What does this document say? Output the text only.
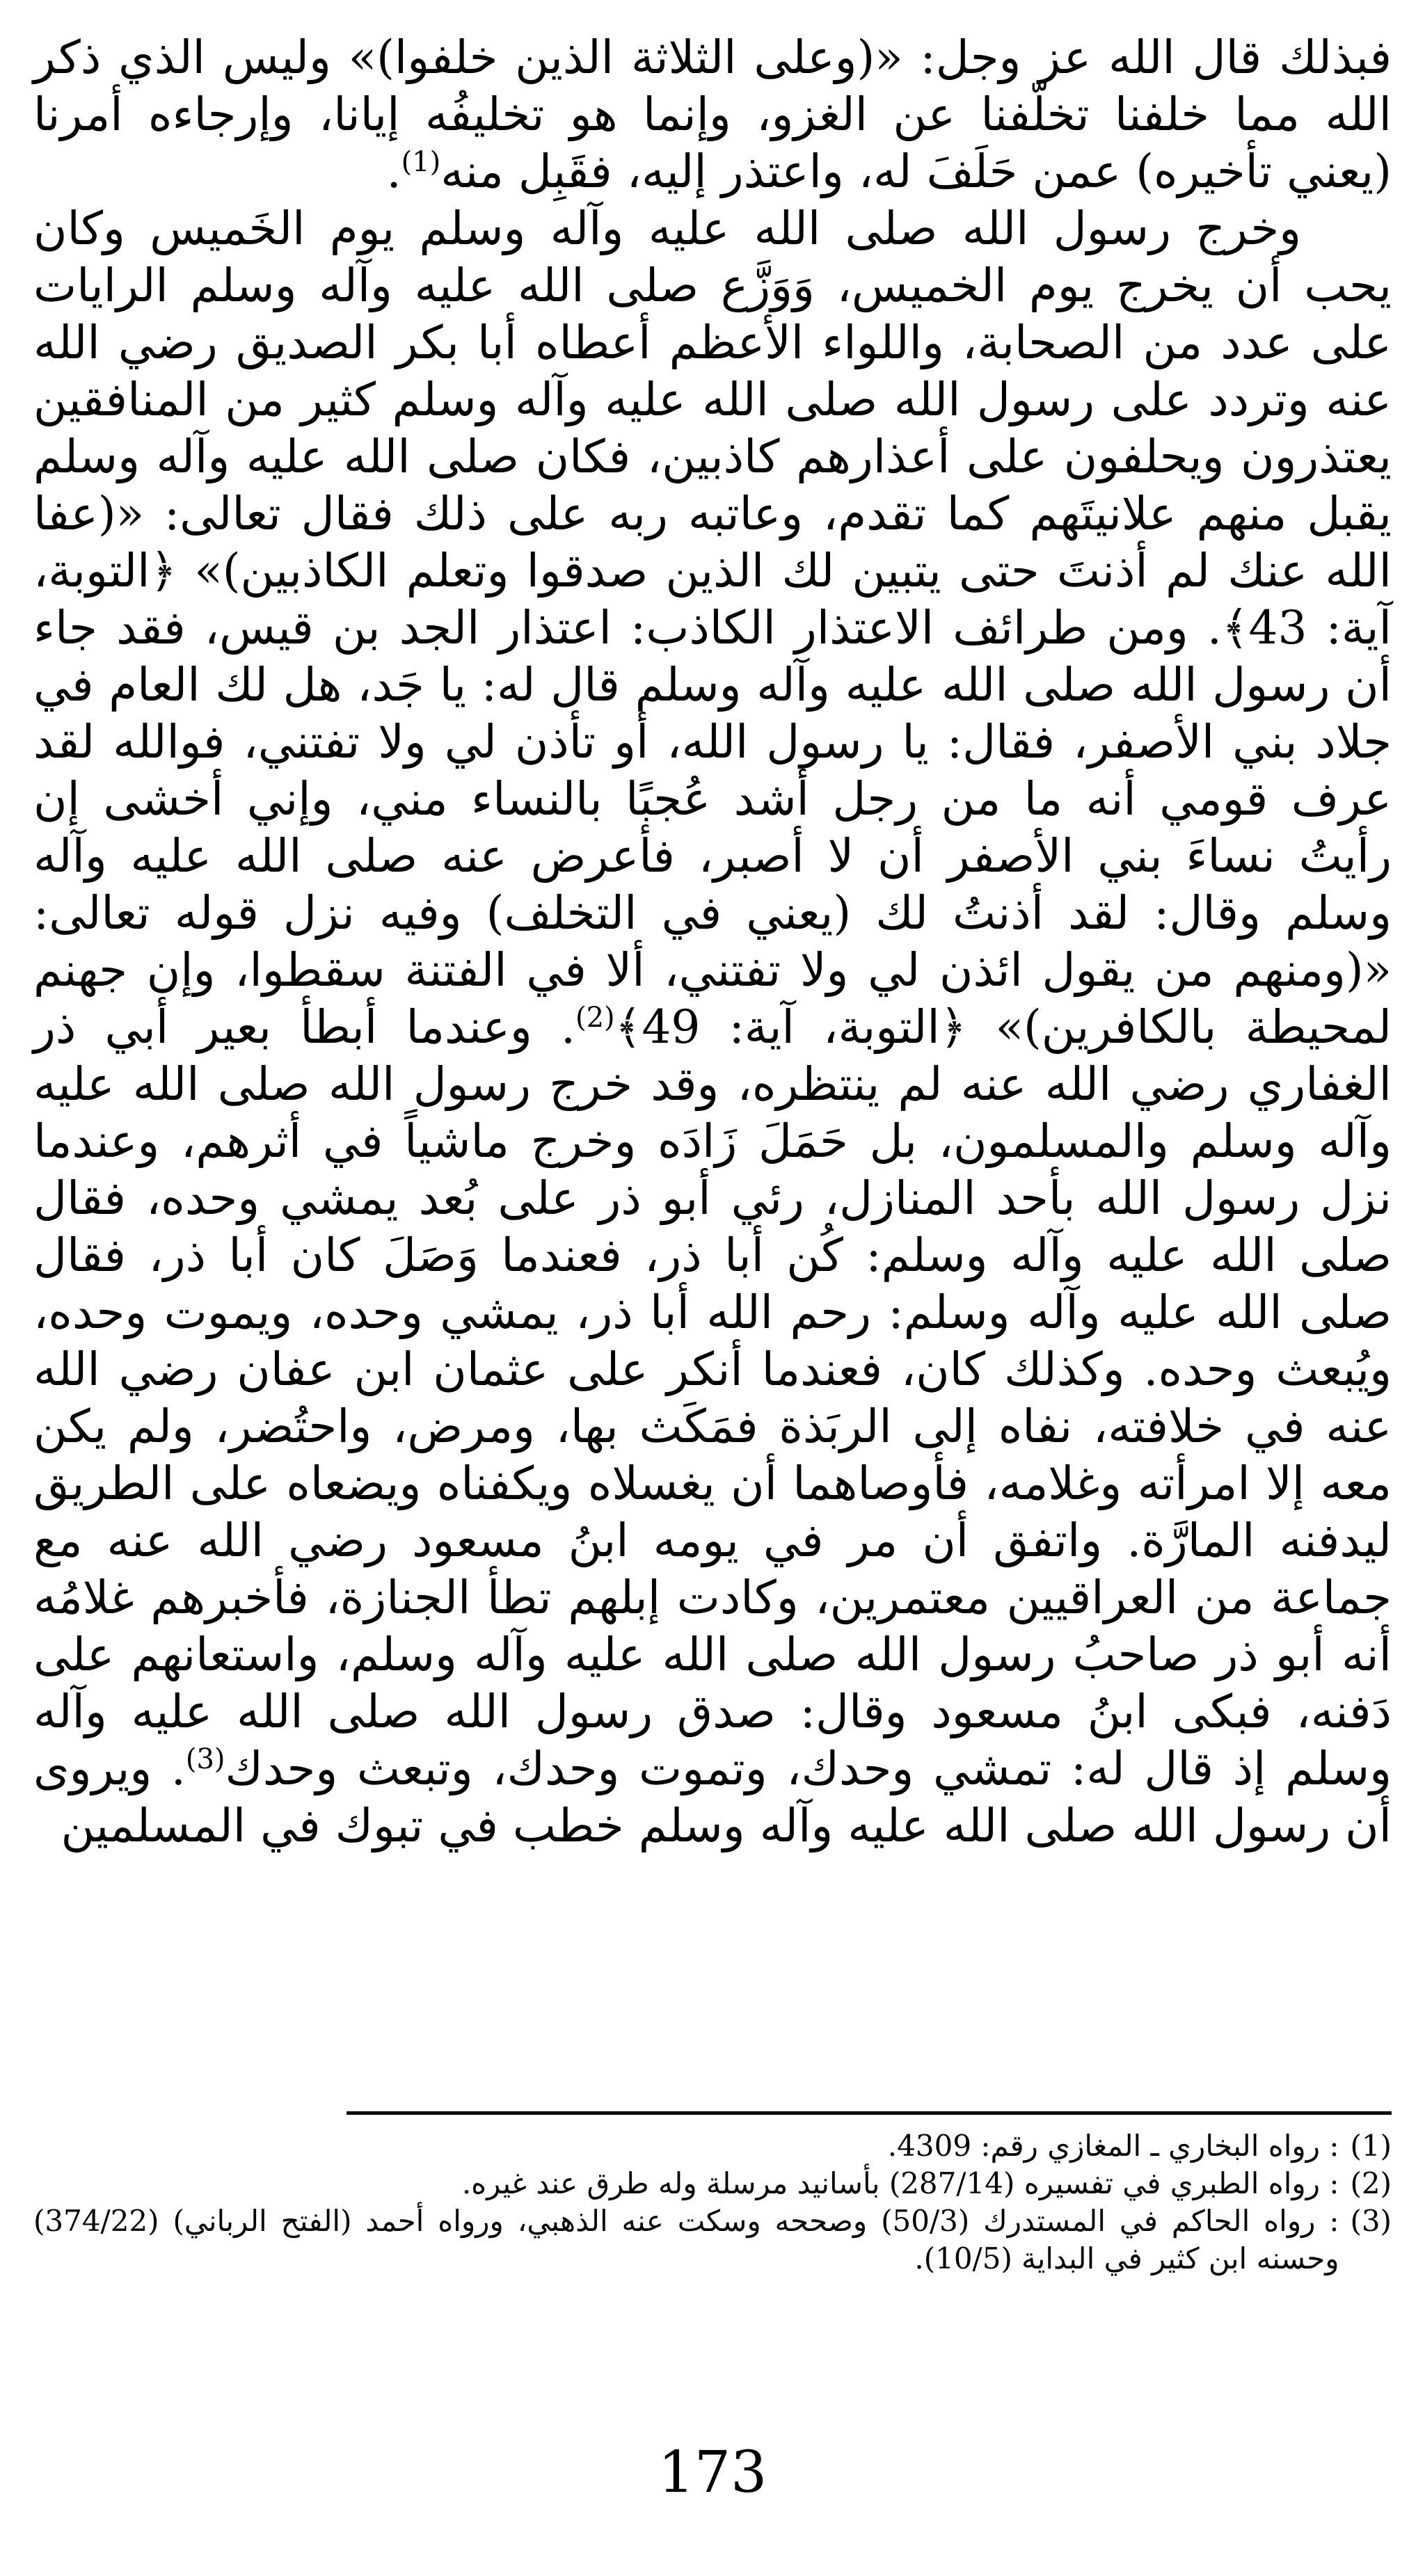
فبذلك قال الله عز وجل: «(وعلى الثلاثة الذين خلفوا)» وليس الذي ذكر الله مما خلفنا تخلّفنا عن الغزو، وإنما هو تخليفُه إيانا، وإرجاءه أمرنا (يعني تأخيره) عمن حَلَفَ له، واعتذر إليه، فقَبِل منه$^{(1)}$.

وخرج رسول الله صلى الله عليه وآله وسلم يوم الخَميس وكان يحب أن يخرج يوم الخميس، وَوَزَّع صلى الله عليه وآله وسلم الرايات على عدد من الصحابة، واللواء الأعظم أعطاه أبا بكر الصديق رضي الله عنه وتردد على رسول الله صلى الله عليه وآله وسلم كثير من المنافقين يعتذرون ويحلفون على أعذارهم كاذبين، فكان صلى الله عليه وآله وسلم يقبل منهم علانيتَهم كما تقدم، وعاتبه ربه على ذلك فقال تعالى: «(عفا الله عنك لم أذنتَ حتى يتبين لك الذين صدقوا وتعلم الكاذبين)» ﴿التوبة، آية: 43﴾. ومن طرائف الاعتذار الكاذب: اعتذار الجد بن قيس، فقد جاء أن رسول الله صلى الله عليه وآله وسلم قال له: يا جَد، هل لك العام في جلاد بني الأصفر، فقال: يا رسول الله، أو تأذن لي ولا تفتني، فوالله لقد عرف قومي أنه ما من رجل أشد عُجبًا بالنساء مني، وإني أخشى إن رأيتُ نساءَ بني الأصفر أن لا أصبر، فأعرض عنه صلى الله عليه وآله وسلم وقال: لقد أذنتُ لك (يعني في التخلف) وفيه نزل قوله تعالى: «(ومنهم من يقول ائذن لي ولا تفتني، ألا في الفتنة سقطوا، وإن جهنم لمحيطة بالكافرين)» ﴿التوبة، آية: 49﴾$^{(2)}$. وعندما أبطأ بعير أبي ذر الغفاري رضي الله عنه لم ينتظره، وقد خرج رسول الله صلى الله عليه وآله وسلم والمسلمون، بل حَمَلَ زَادَه وخرج ماشياً في أثرهم، وعندما نزل رسول الله بأحد المنازل، رئي أبو ذر على بُعد يمشي وحده، فقال صلى الله عليه وآله وسلم: كُن أبا ذر، فعندما وَصَلَ كان أبا ذر، فقال صلى الله عليه وآله وسلم: رحم الله أبا ذر، يمشي وحده، ويموت وحده، ويُبعث وحده. وكذلك كان، فعندما أنكر على عثمان ابن عفان رضي الله عنه في خلافته، نفاه إلى الربَذة فمَكَث بها، ومرض، واحتُضر، ولم يكن معه إلا امرأته وغلامه، فأوصاهما أن يغسلاه ويكفناه ويضعاه على الطريق ليدفنه المارَّة. واتفق أن مر في يومه ابنُ مسعود رضي الله عنه مع جماعة من العراقيين معتمرين، وكادت إبلهم تطأ الجنازة، فأخبرهم غلامُه أنه أبو ذر صاحبُ رسول الله صلى الله عليه وآله وسلم، واستعانهم على دَفنه، فبكى ابنُ مسعود وقال: صدق رسول الله صلى الله عليه وآله وسلم إذ قال له: تمشي وحدك، وتموت وحدك، وتبعث وحدك$^{(3)}$. ويروى أن رسول الله صلى الله عليه وآله وسلم خطب في تبوك في المسلمين

(1)
: رواه البخاري ـ المغازي رقم: 4309.
(2)
: رواه الطبري في تفسيره (287/14) بأسانيد مرسلة وله طرق عند غيره.
(3)
: رواه الحاكم في المستدرك (50/3) وصححه وسكت عنه الذهبي، ورواه أحمد (الفتح الرباني) (374/22) وحسنه ابن كثير في البداية (10/5).
173
